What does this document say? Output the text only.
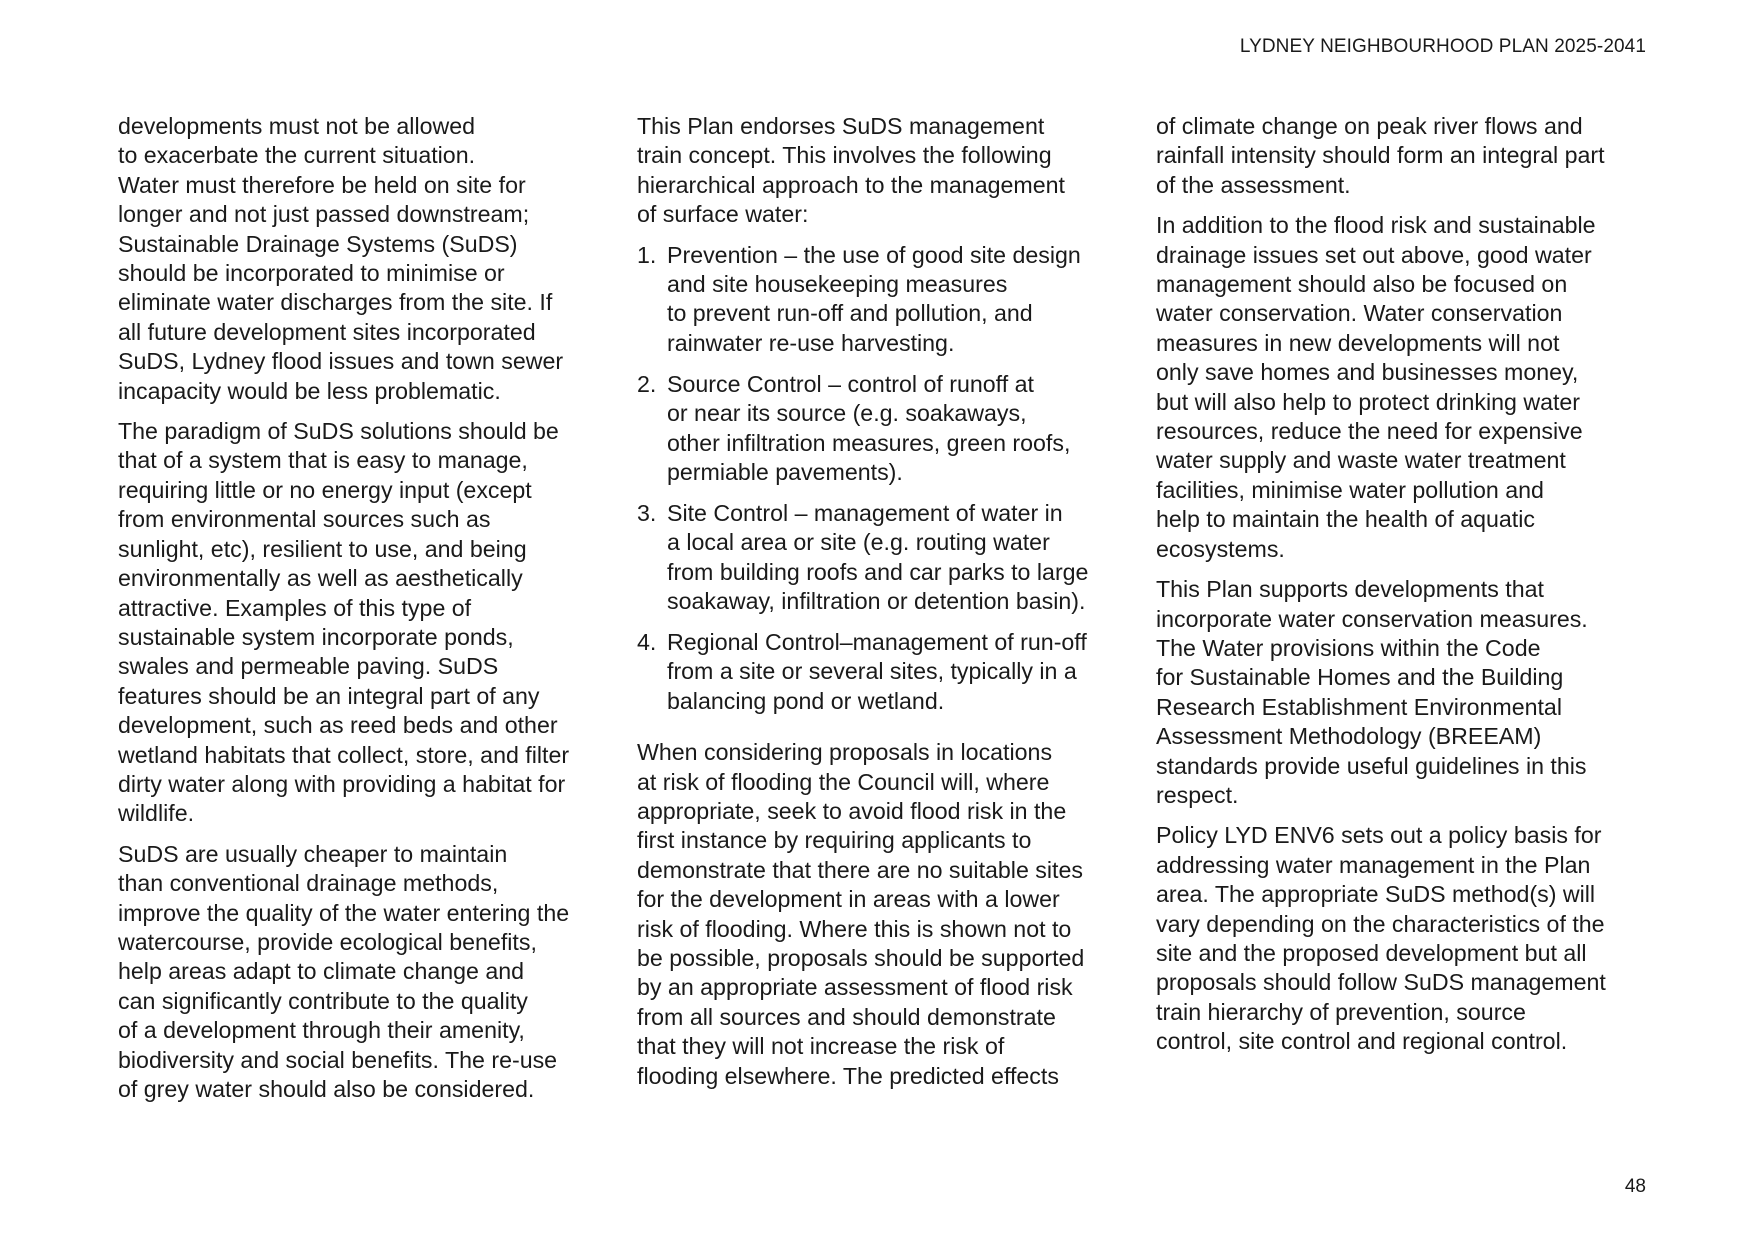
LYDNEY NEIGHBOURHOOD PLAN 2025-2041

developments must not be allowed
to exacerbate the current situation.
Water must therefore be held on site for
longer and not just passed downstream;
Sustainable Drainage Systems (SuDS)
should be incorporated to minimise or
eliminate water discharges from the site. If
all future development sites incorporated
SuDS, Lydney flood issues and town sewer
incapacity would be less problematic.

The paradigm of SuDS solutions should be
that of a system that is easy to manage,
requiring little or no energy input (except
from environmental sources such as
sunlight, etc), resilient to use, and being
environmentally as well as aesthetically
attractive. Examples of this type of
sustainable system incorporate ponds,
swales and permeable paving. SuDS
features should be an integral part of any
development, such as reed beds and other
wetland habitats that collect, store, and filter
dirty water along with providing a habitat for
wildlife.

SuDS are usually cheaper to maintain
than conventional drainage methods,
improve the quality of the water entering the
watercourse, provide ecological benefits,
help areas adapt to climate change and
can significantly contribute to the quality
of a development through their amenity,
biodiversity and social benefits. The re-use
of grey water should also be considered.

This Plan endorses SuDS management
train concept. This involves the following
hierarchical approach to the management
of surface water:

1. Prevention – the use of good site design
and site housekeeping measures
to prevent run-off and pollution, and
rainwater re-use harvesting.
2. Source Control – control of runoff at
or near its source (e.g. soakaways,
other infiltration measures, green roofs,
permiable pavements).
3. Site Control – management of water in
a local area or site (e.g. routing water
from building roofs and car parks to large
soakaway, infiltration or detention basin).
4. Regional Control–management of run-off
from a site or several sites, typically in a
balancing pond or wetland.

When considering proposals in locations
at risk of flooding the Council will, where
appropriate, seek to avoid flood risk in the
first instance by requiring applicants to
demonstrate that there are no suitable sites
for the development in areas with a lower
risk of flooding. Where this is shown not to
be possible, proposals should be supported
by an appropriate assessment of flood risk
from all sources and should demonstrate
that they will not increase the risk of
flooding elsewhere. The predicted effects

of climate change on peak river flows and
rainfall intensity should form an integral part
of the assessment.

In addition to the flood risk and sustainable
drainage issues set out above, good water
management should also be focused on
water conservation. Water conservation
measures in new developments will not
only save homes and businesses money,
but will also help to protect drinking water
resources, reduce the need for expensive
water supply and waste water treatment
facilities, minimise water pollution and
help to maintain the health of aquatic
ecosystems.

This Plan supports developments that
incorporate water conservation measures.
The Water provisions within the Code
for Sustainable Homes and the Building
Research Establishment Environmental
Assessment Methodology (BREEAM)
standards provide useful guidelines in this
respect.

Policy LYD ENV6 sets out a policy basis for
addressing water management in the Plan
area. The appropriate SuDS method(s) will
vary depending on the characteristics of the
site and the proposed development but all
proposals should follow SuDS management
train hierarchy of prevention, source
control, site control and regional control.

48
